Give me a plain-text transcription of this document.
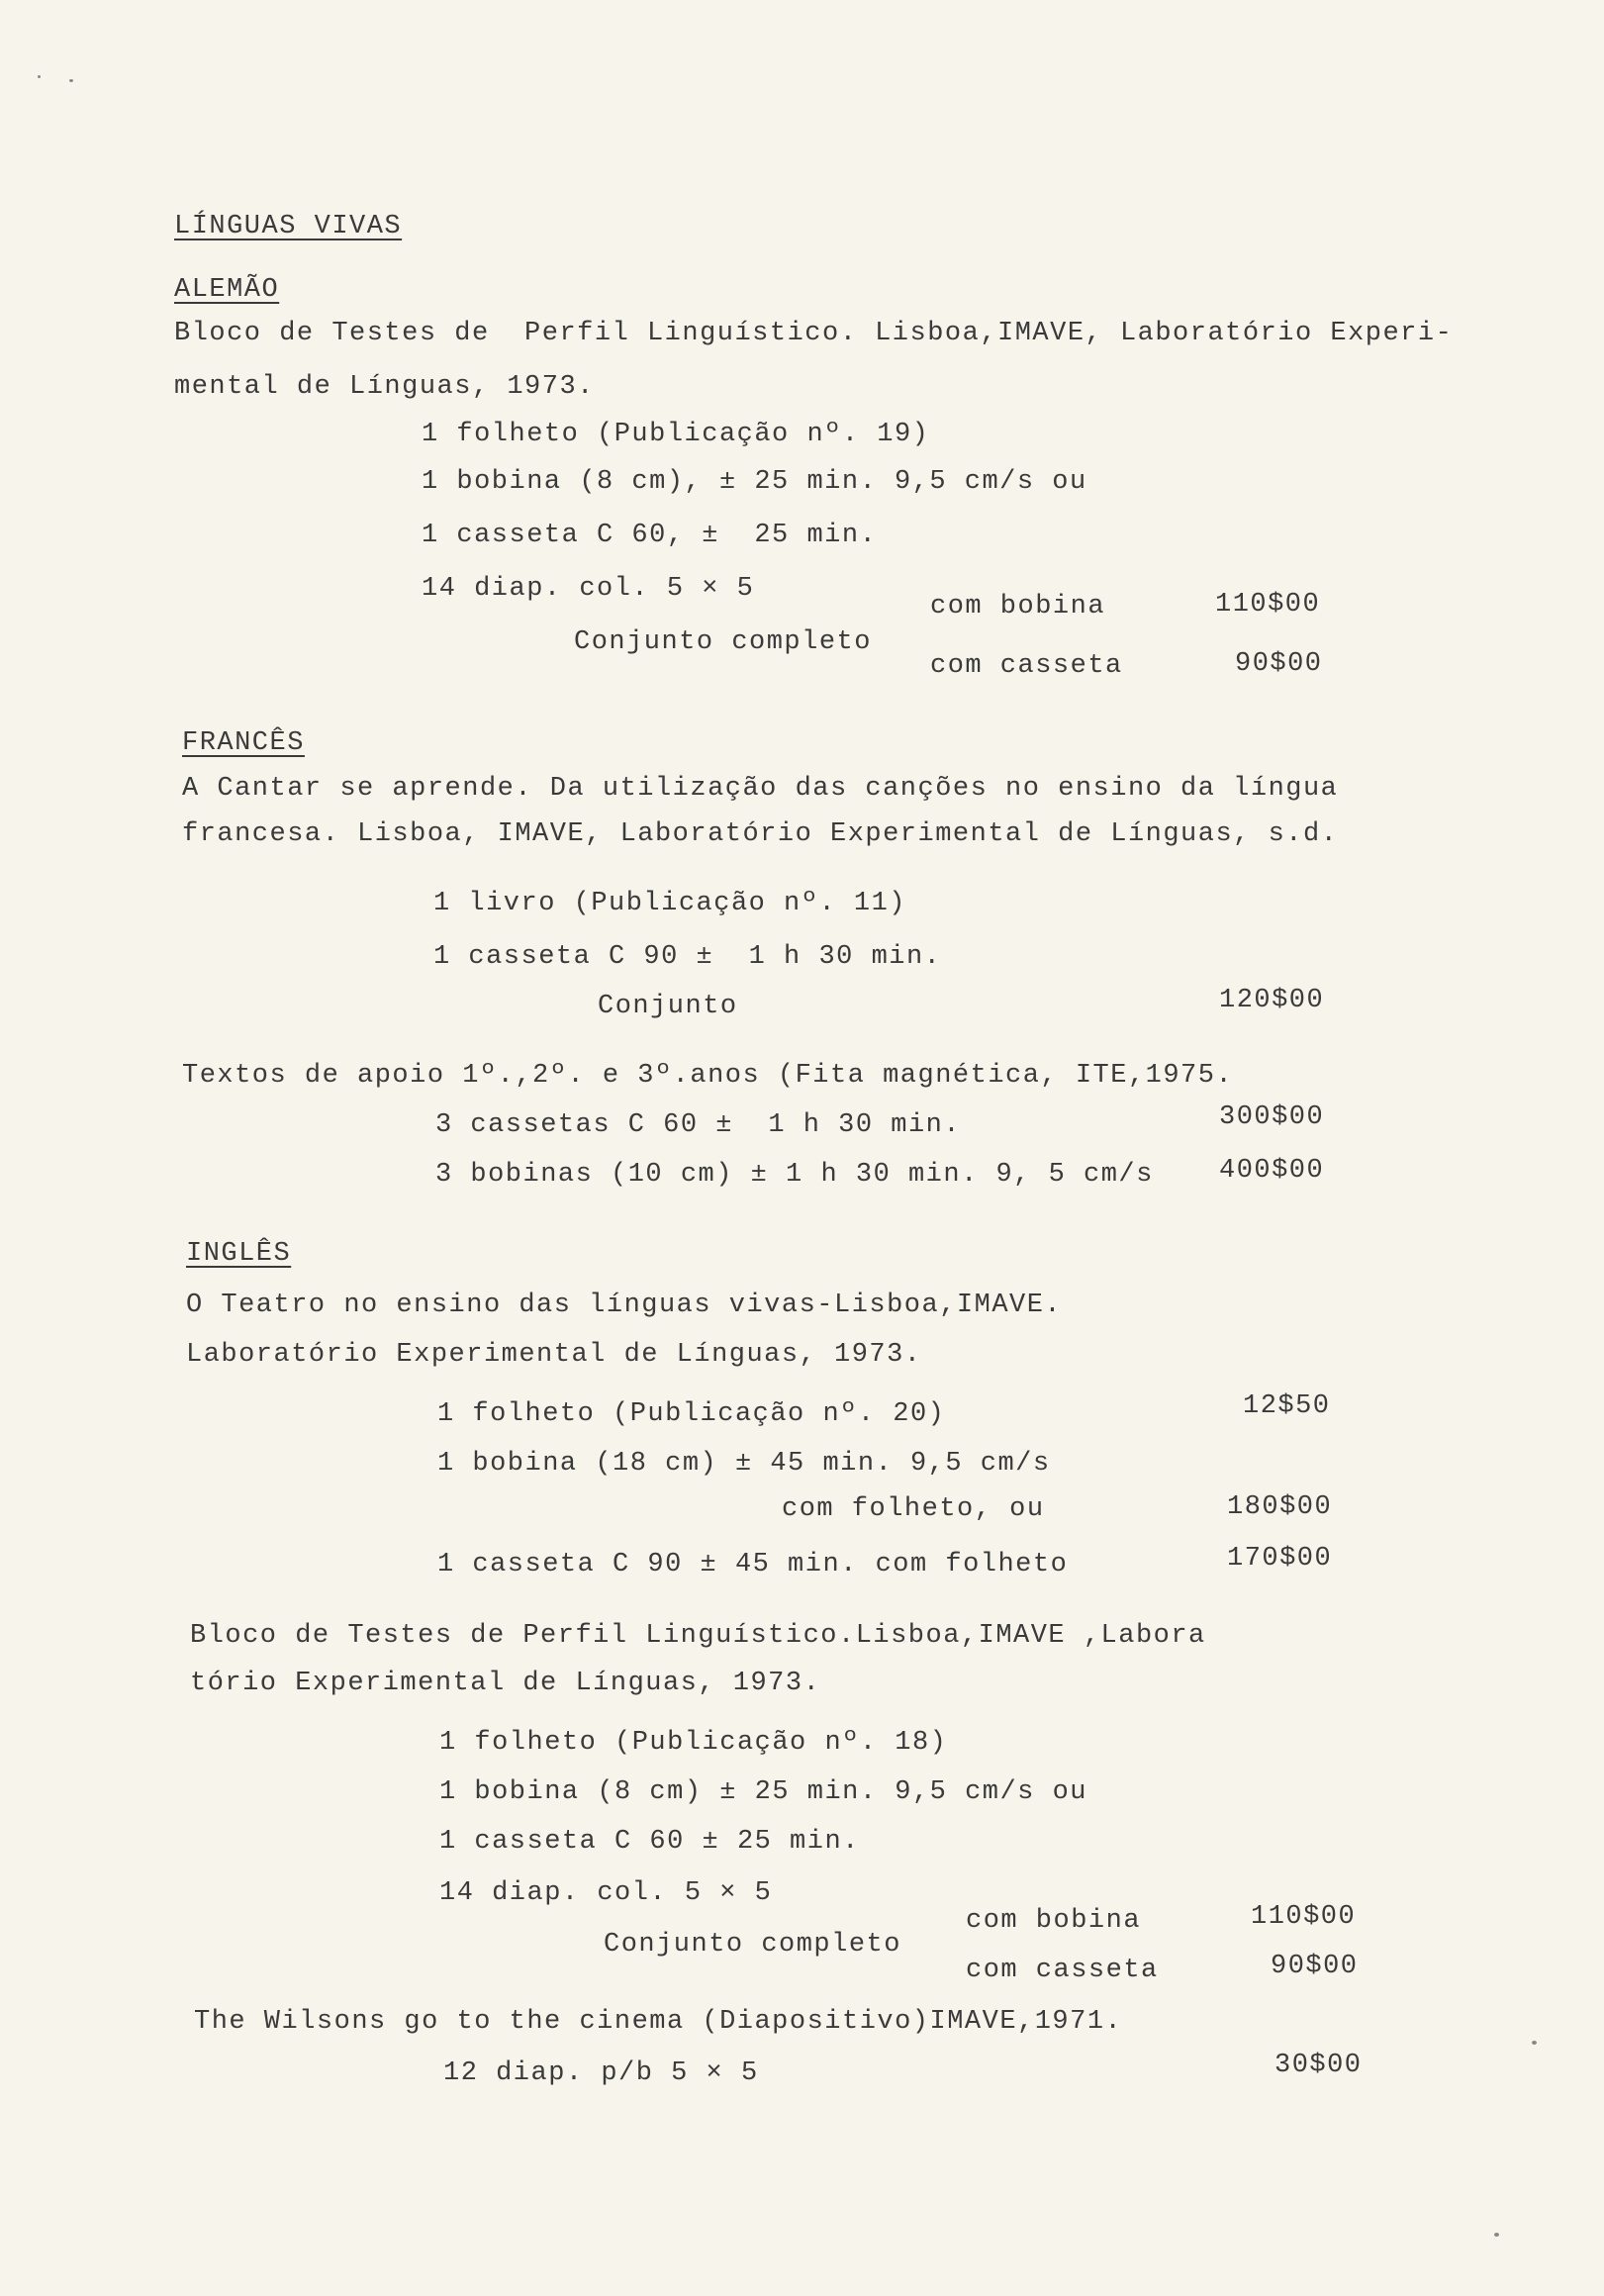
LÍNGUAS VIVAS
ALEMÃO
Bloco de Testes de  Perfil Linguístico. Lisboa,IMAVE, Laboratório Experi-
mental de Línguas, 1973.
1 folheto (Publicação nº. 19)
1 bobina (8 cm), ± 25 min. 9,5 cm/s ou
1 casseta C 60, ±  25 min.
14 diap. col. 5 × 5
Conjunto completo
com bobina	110$00
com casseta	90$00
FRANCÊS
A Cantar se aprende. Da utilização das canções no ensino da língua
francesa. Lisboa, IMAVE, Laboratório Experimental de Línguas, s.d.
1 livro (Publicação nº. 11)
1 casseta C 90 ±  1 h 30 min.
Conjunto	120$00
Textos de apoio 1º.,2º. e 3º.anos (Fita magnética, ITE,1975.
3 cassetas C 60 ±  1 h 30 min.	300$00
3 bobinas (10 cm) ± 1 h 30 min. 9, 5 cm/s 400$00
INGLÊS
O Teatro no ensino das línguas vivas-Lisboa,IMAVE.
Laboratório Experimental de Línguas, 1973.
1 folheto (Publicação nº. 20)	12$50
1 bobina (18 cm) ± 45 min. 9,5 cm/s
com folheto, ou	180$00
1 casseta C 90 ± 45 min. com folheto	170$00
Bloco de Testes de Perfil Linguístico.Lisboa,IMAVE ,Labora
tório Experimental de Línguas, 1973.
1 folheto (Publicação nº. 18)
1 bobina (8 cm) ± 25 min. 9,5 cm/s ou
1 casseta C 60 ± 25 min.
14 diap. col. 5 × 5
Conjunto completo
com bobina	110$00
com casseta	90$00
The Wilsons go to the cinema (Diapositivo)IMAVE,1971.
12 diap. p/b 5 × 5	30$00
